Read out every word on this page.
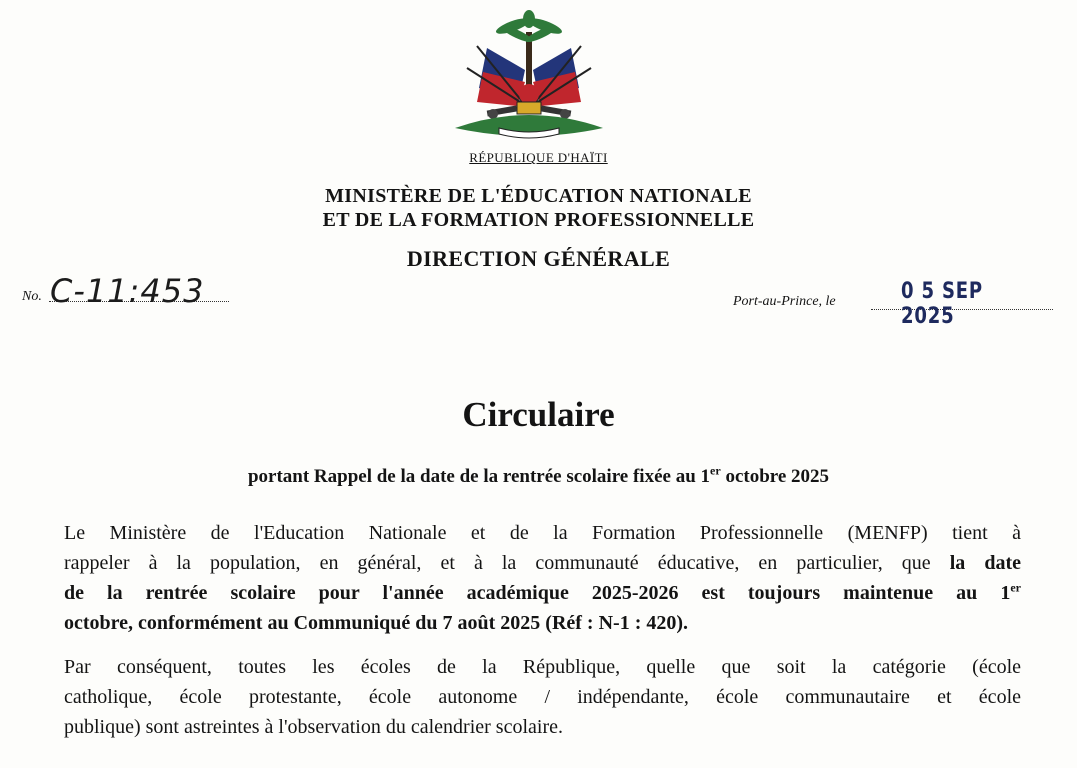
RÉPUBLIQUE D'HAÏTI
MINISTÈRE DE L'ÉDUCATION NATIONALE
ET DE LA FORMATION PROFESSIONNELLE
DIRECTION GÉNÉRALE
No. C-11:453	Port-au-Prince, le	0 5 SEP 2025
Circulaire
portant Rappel de la date de la rentrée scolaire fixée au 1er octobre 2025
Le Ministère de l'Education Nationale et de la Formation Professionnelle (MENFP) tient à
rappeler à la population, en général, et à la communauté éducative, en particulier, que la date
de la rentrée scolaire pour l'année académique 2025-2026 est toujours maintenue au 1er
octobre, conformément au Communiqué du 7 août 2025 (Réf : N-1 : 420).
Par conséquent, toutes les écoles de la République, quelle que soit la catégorie (école
catholique, école protestante, école autonome / indépendante, école communautaire et école
publique) sont astreintes à l'observation du calendrier scolaire.
